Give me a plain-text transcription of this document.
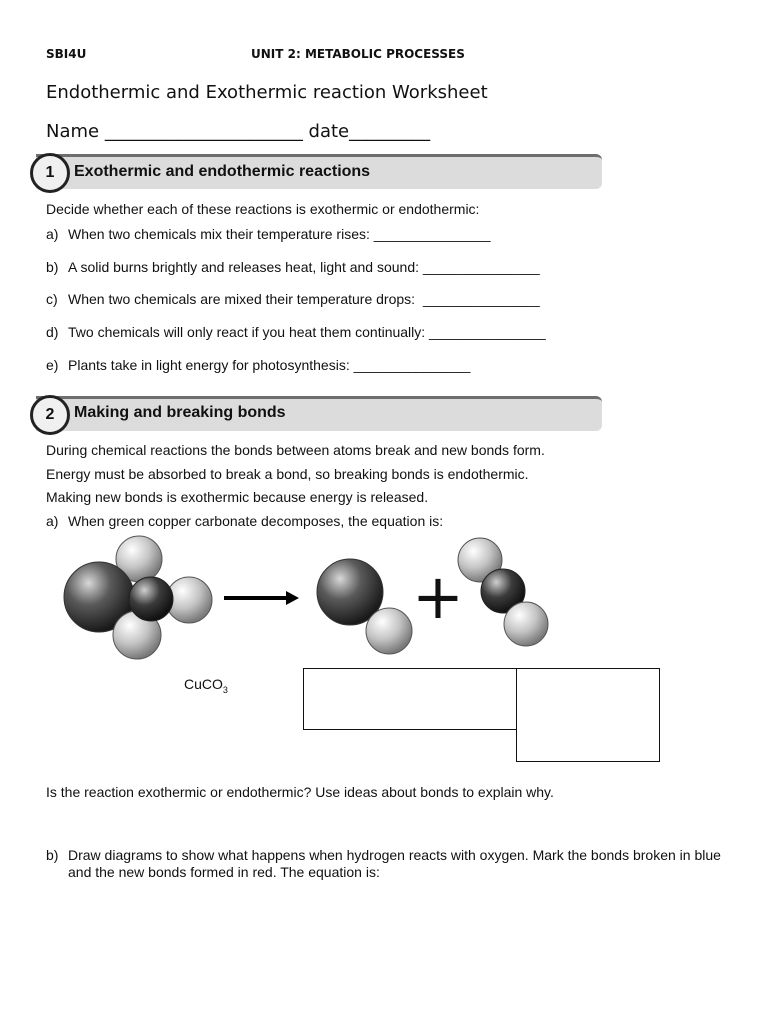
SBI4U	UNIT 2: METABOLIC PROCESSES
Endothermic and Exothermic reaction Worksheet
Name ______________________ date_________
1	Exothermic and endothermic reactions
Decide whether each of these reactions is exothermic or endothermic:
a) When two chemicals mix their temperature rises: _______________
b) A solid burns brightly and releases heat, light and sound: _______________
c) When two chemicals are mixed their temperature drops:  _______________
d) Two chemicals will only react if you heat them continually: _______________
e) Plants take in light energy for photosynthesis: _______________
2	Making and breaking bonds
During chemical reactions the bonds between atoms break and new bonds form.
Energy must be absorbed to break a bond, so breaking bonds is endothermic.
Making new bonds is exothermic because energy is released.
a) When green copper carbonate decomposes, the equation is:
+
CuCO$_3$
Is the reaction exothermic or endothermic? Use ideas about bonds to explain why.
b) Draw diagrams to show what happens when hydrogen reacts with oxygen. Mark the bonds broken in blue
and the new bonds formed in red. The equation is:
